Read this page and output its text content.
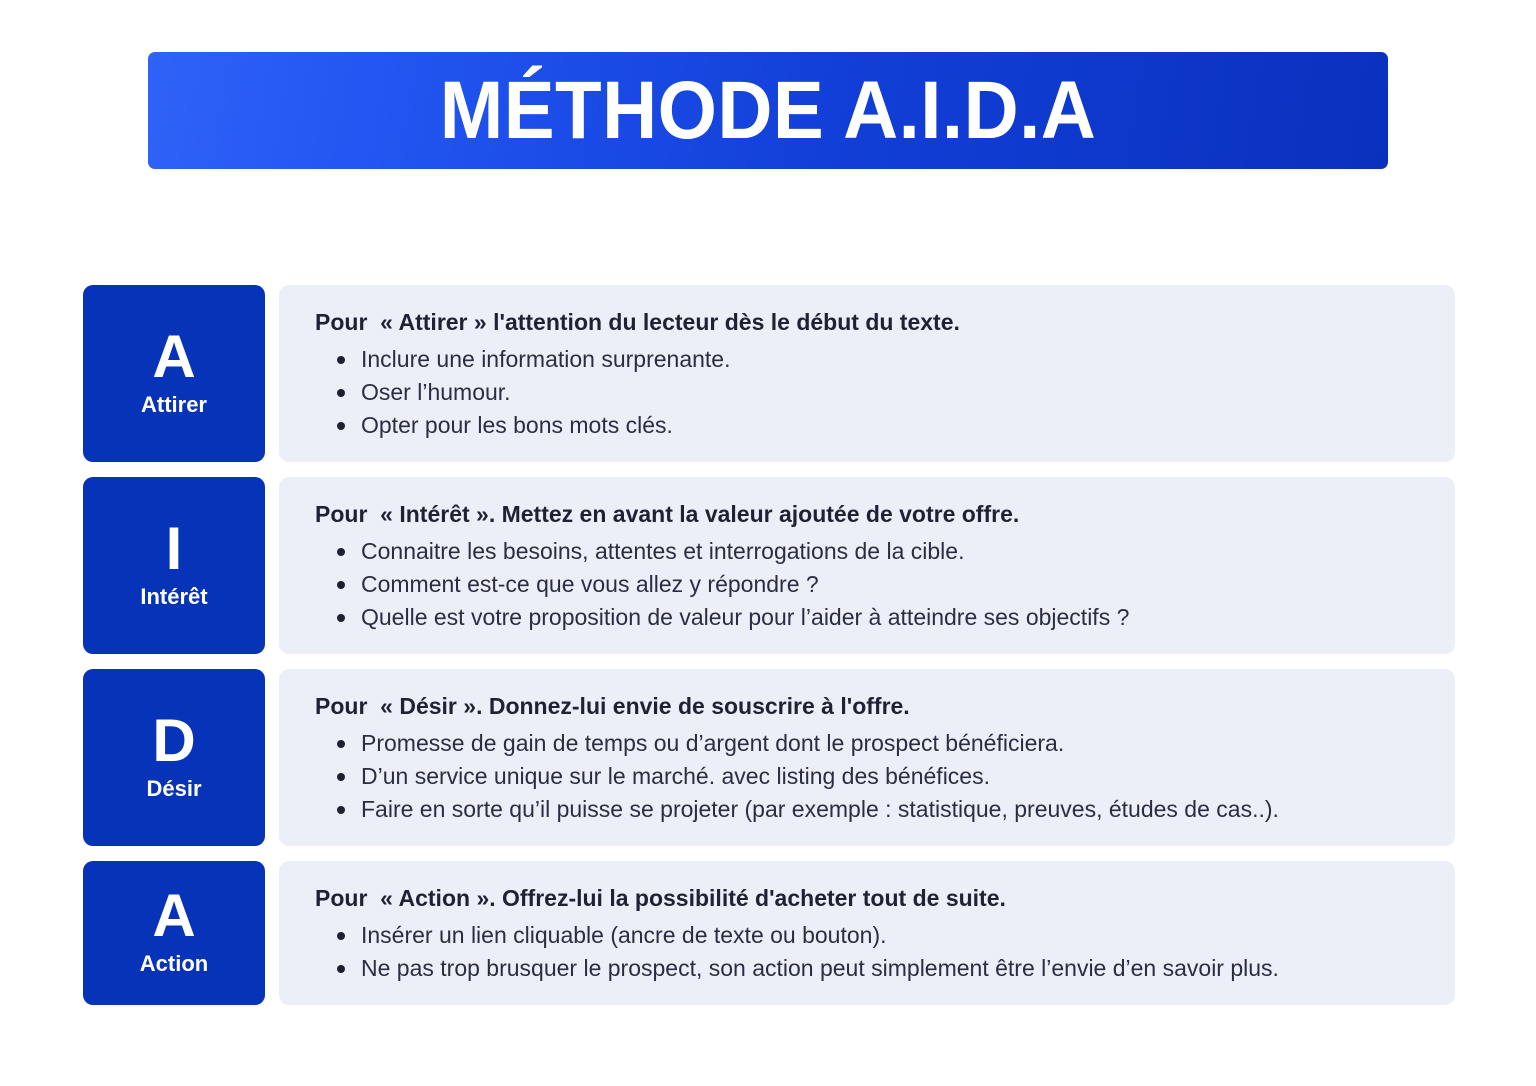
MÉTHODE A.I.D.A
A
Attirer
Pour  « Attirer » l'attention du lecteur dès le début du texte.
Inclure une information surprenante.
Oser l’humour.
Opter pour les bons mots clés.
I
Intérêt
Pour  « Intérêt ». Mettez en avant la valeur ajoutée de votre offre.
Connaitre les besoins, attentes et interrogations de la cible.
Comment est-ce que vous allez y répondre ?
Quelle est votre proposition de valeur pour l’aider à atteindre ses objectifs ?
D
Désir
Pour  « Désir ». Donnez-lui envie de souscrire à l'offre.
Promesse de gain de temps ou d’argent dont le prospect bénéficiera.
D’un service unique sur le marché. avec listing des bénéfices.
Faire en sorte qu’il puisse se projeter (par exemple : statistique, preuves, études de cas..).
A
Action
Pour  « Action ». Offrez-lui la possibilité d'acheter tout de suite.
Insérer un lien cliquable (ancre de texte ou bouton).
Ne pas trop brusquer le prospect, son action peut simplement être l’envie d’en savoir plus.
